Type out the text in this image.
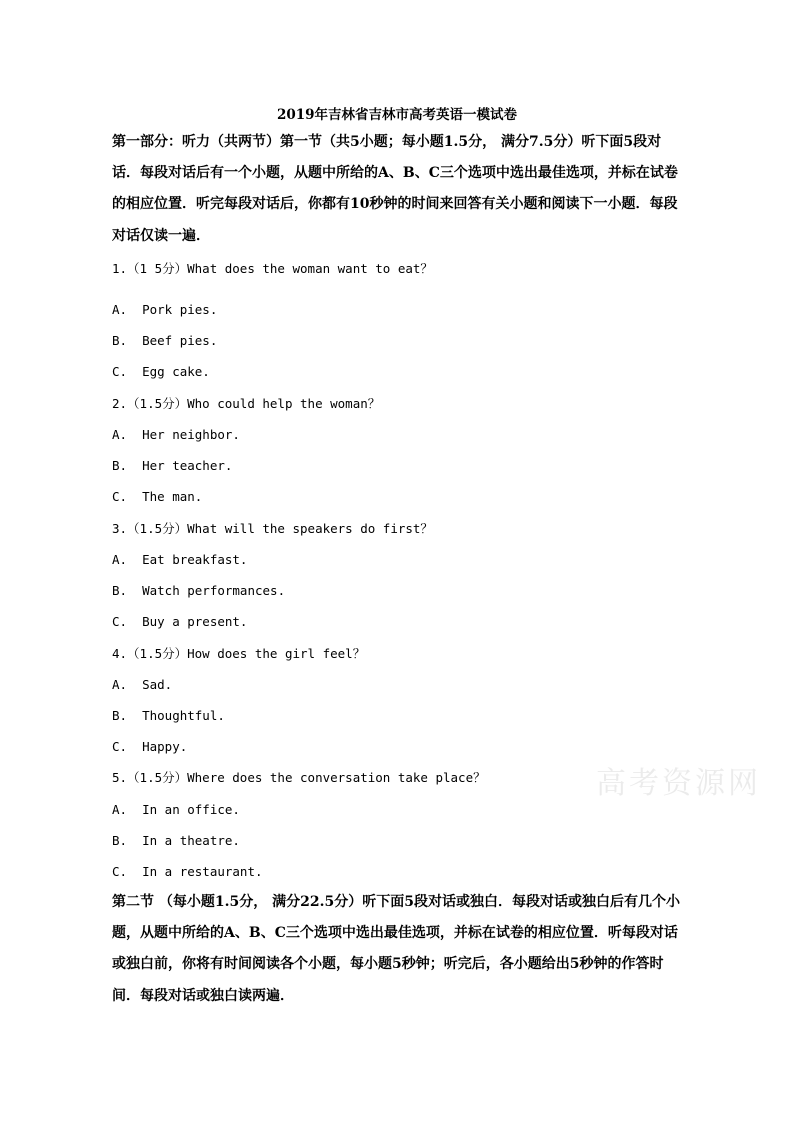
2019年吉林省吉林市高考英语一模试卷

第一部分：听力（共两节）第一节（共5小题；每小题1.5分， 满分7.5分）听下面5段对话．每段对话后有一个小题，从题中所给的A、B、C三个选项中选出最佳选项，并标在试卷的相应位置．听完每段对话后，你都有10秒钟的时间来回答有关小题和阅读下一小题．每段对话仅读一遍．

1.（1 5分）What does the woman want to eat？
A.  Pork pies.
B.  Beef pies.
C.  Egg cake.
2.（1.5分）Who could help the woman？
A.  Her neighbor.
B.  Her teacher.
C.  The man.
3.（1.5分）What will the speakers do first？
A.  Eat breakfast.
B.  Watch performances.
C.  Buy a present.
4.（1.5分）How does the girl feel？
A.  Sad.
B.  Thoughtful.
C.  Happy.
5.（1.5分）Where does the conversation take place？
A.  In an office.
B.  In a theatre.
C.  In a restaurant.
高考资源网

第二节 （每小题1.5分， 满分22.5分）听下面5段对话或独白．每段对话或独白后有几个小题，从题中所给的A、B、C三个选项中选出最佳选项，并标在试卷的相应位置．听每段对话或独白前，你将有时间阅读各个小题，每小题5秒钟；听完后，各小题给出5秒钟的作答时间．每段对话或独白读两遍．
